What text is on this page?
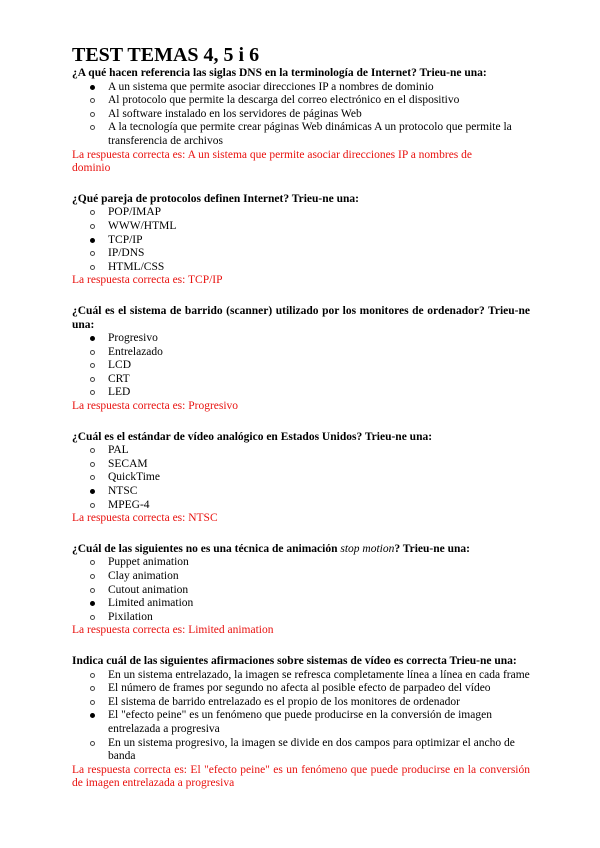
TEST TEMAS 4, 5 i 6

¿A qué hacen referencia las siglas DNS en la terminología de Internet? Trieu-ne una:

A un sistema que permite asociar direcciones IP a nombres de dominio
Al protocolo que permite la descarga del correo electrónico en el dispositivo
Al software instalado en los servidores de páginas Web
A la tecnología que permite crear páginas Web dinámicas A un protocolo que permite la transferencia de archivos
La respuesta correcta es: A un sistema que permite asociar direcciones IP a nombres de dominio

¿Qué pareja de protocolos definen Internet? Trieu-ne una:

POP/IMAP
WWW/HTML
TCP/IP
IP/DNS
HTML/CSS
La respuesta correcta es: TCP/IP

¿Cuál es el sistema de barrido (scanner) utilizado por los monitores de ordenador? Trieu-ne una:

Progresivo
Entrelazado
LCD
CRT
LED
La respuesta correcta es: Progresivo

¿Cuál es el estándar de vídeo analógico en Estados Unidos? Trieu-ne una:

PAL
SECAM
QuickTime
NTSC
MPEG-4
La respuesta correcta es: NTSC

¿Cuál de las siguientes no es una técnica de animación stop motion? Trieu-ne una:

Puppet animation
Clay animation
Cutout animation
Limited animation
Pixilation
La respuesta correcta es: Limited animation

Indica cuál de las siguientes afirmaciones sobre sistemas de vídeo es correcta Trieu-ne una:

En un sistema entrelazado, la imagen se refresca completamente línea a línea en cada frame
El número de frames por segundo no afecta al posible efecto de parpadeo del vídeo
El sistema de barrido entrelazado es el propio de los monitores de ordenador
El "efecto peine" es un fenómeno que puede producirse en la conversión de imagen entrelazada a progresiva
En un sistema progresivo, la imagen se divide en dos campos para optimizar el ancho de banda
La respuesta correcta es: El "efecto peine" es un fenómeno que puede producirse en la conversión de imagen entrelazada a progresiva
